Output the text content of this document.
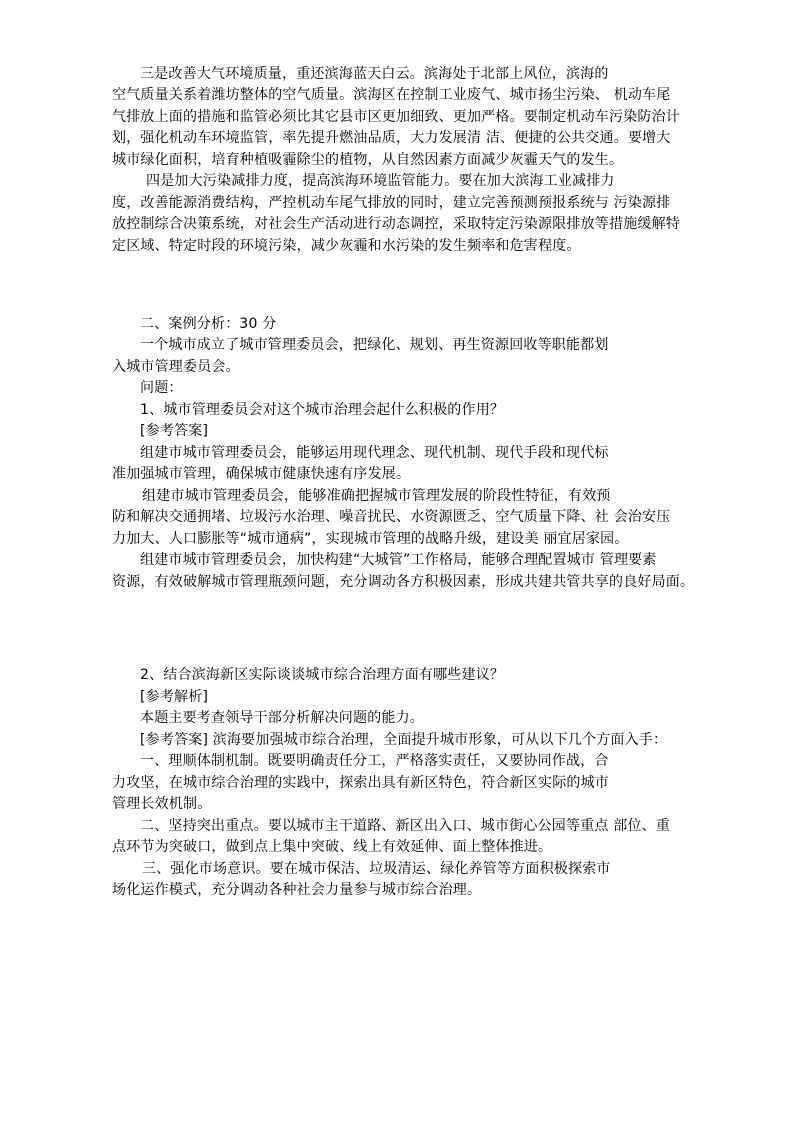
三是改善大气环境质量，重还滨海蓝天白云。滨海处于北部上风位，滨海的
空气质量关系着潍坊整体的空气质量。滨海区在控制工业废气、城市扬尘污染、 机动车尾
气排放上面的措施和监管必须比其它县市区更加细致、更加严格。要制定机动车污染防治计
划，强化机动车环境监管，率先提升燃油品质，大力发展清 洁、便捷的公共交通。要增大
城市绿化面积，培育种植吸霾除尘的植物，从自然因素方面减少灰霾天气的发生。
四是加大污染减排力度，提高滨海环境监管能力。要在加大滨海工业减排力
度，改善能源消费结构，严控机动车尾气排放的同时，建立完善预测预报系统与 污染源排
放控制综合决策系统，对社会生产活动进行动态调控，采取特定污染源限排放等措施缓解特
定区域、特定时段的环境污染，减少灰霾和水污染的发生频率和危害程度。
二、案例分析：30 分
一个城市成立了城市管理委员会，把绿化、规划、再生资源回收等职能都划
入城市管理委员会。
问题：
1、城市管理委员会对这个城市治理会起什么积极的作用？
[参考答案]
组建市城市管理委员会，能够运用现代理念、现代机制、现代手段和现代标
准加强城市管理，确保城市健康快速有序发展。
组建市城市管理委员会，能够准确把握城市管理发展的阶段性特征，有效预
防和解决交通拥堵、垃圾污水治理、噪音扰民、水资源匮乏、空气质量下降、社 会治安压
力加大、人口膨胀等“城市通病”，实现城市管理的战略升级，建设美 丽宜居家园。
组建市城市管理委员会，加快构建“大城管”工作格局，能够合理配置城市 管理要素
资源，有效破解城市管理瓶颈问题，充分调动各方积极因素，形成共建共管共享的良好局面。
2、结合滨海新区实际谈谈城市综合治理方面有哪些建议？
[参考解析]
本题主要考查领导干部分析解决问题的能力。
[参考答案] 滨海要加强城市综合治理，全面提升城市形象，可从以下几个方面入手：
一、理顺体制机制。既要明确责任分工，严格落实责任，又要协同作战，合
力攻坚，在城市综合治理的实践中，探索出具有新区特色，符合新区实际的城市
管理长效机制。
二、坚持突出重点。要以城市主干道路、新区出入口、城市街心公园等重点 部位、重
点环节为突破口，做到点上集中突破、线上有效延伸、面上整体推进。
三、强化市场意识。要在城市保洁、垃圾清运、绿化养管等方面积极探索市
场化运作模式，充分调动各种社会力量参与城市综合治理。
